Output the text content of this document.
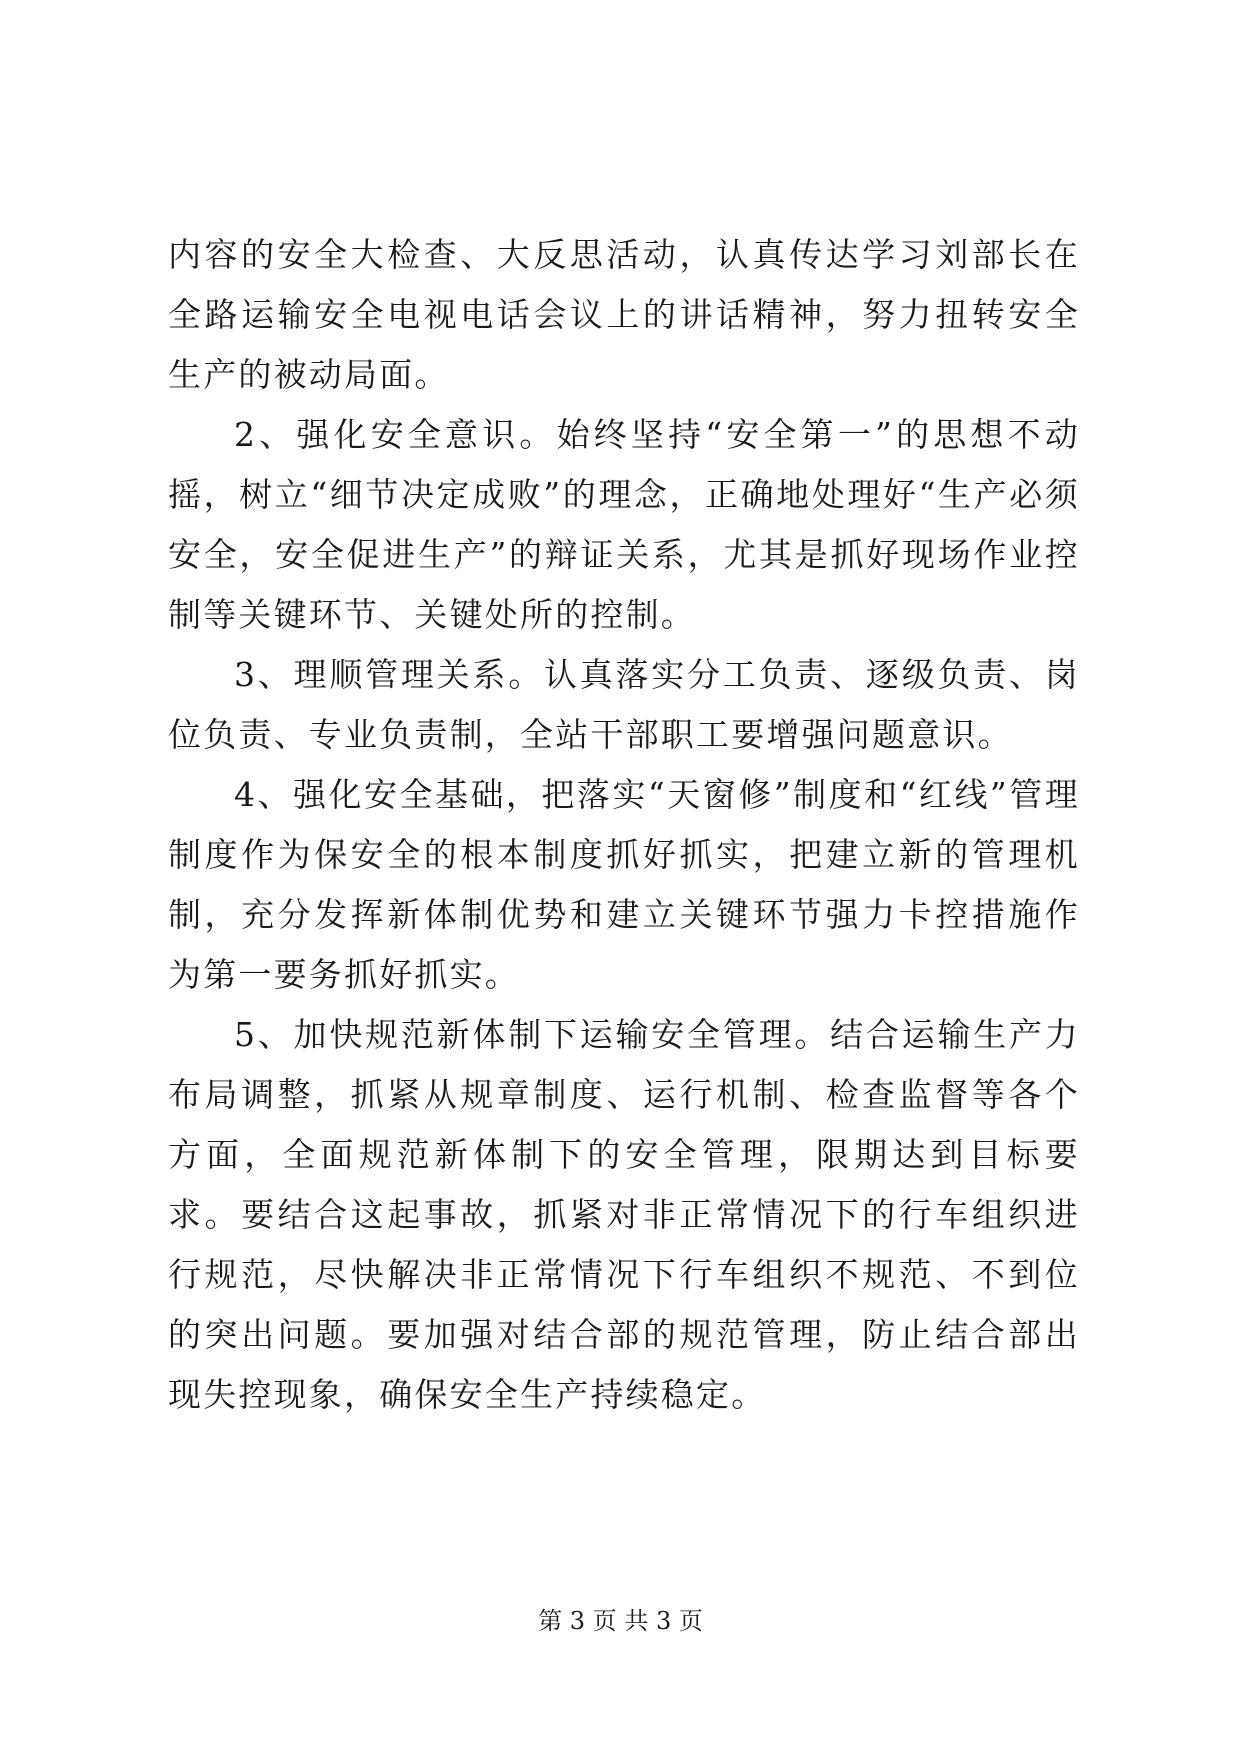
内容的安全大检查、大反思活动，认真传达学习刘部长在全路运输安全电视电话会议上的讲话精神，努力扭转安全生产的被动局面。

2、强化安全意识。始终坚持“安全第一”的思想不动摇，树立“细节决定成败”的理念，正确地处理好“生产必须安全，安全促进生产”的辩证关系，尤其是抓好现场作业控制等关键环节、关键处所的控制。

3、理顺管理关系。认真落实分工负责、逐级负责、岗位负责、专业负责制，全站干部职工要增强问题意识。

4、强化安全基础，把落实“天窗修”制度和“红线”管理制度作为保安全的根本制度抓好抓实，把建立新的管理机制，充分发挥新体制优势和建立关键环节强力卡控措施作为第一要务抓好抓实。

5、加快规范新体制下运输安全管理。结合运输生产力布局调整，抓紧从规章制度、运行机制、检查监督等各个方面，全面规范新体制下的安全管理，限期达到目标要求。要结合这起事故，抓紧对非正常情况下的行车组织进行规范，尽快解决非正常情况下行车组织不规范、不到位的突出问题。要加强对结合部的规范管理，防止结合部出现失控现象，确保安全生产持续稳定。

第 3 页 共 3 页
